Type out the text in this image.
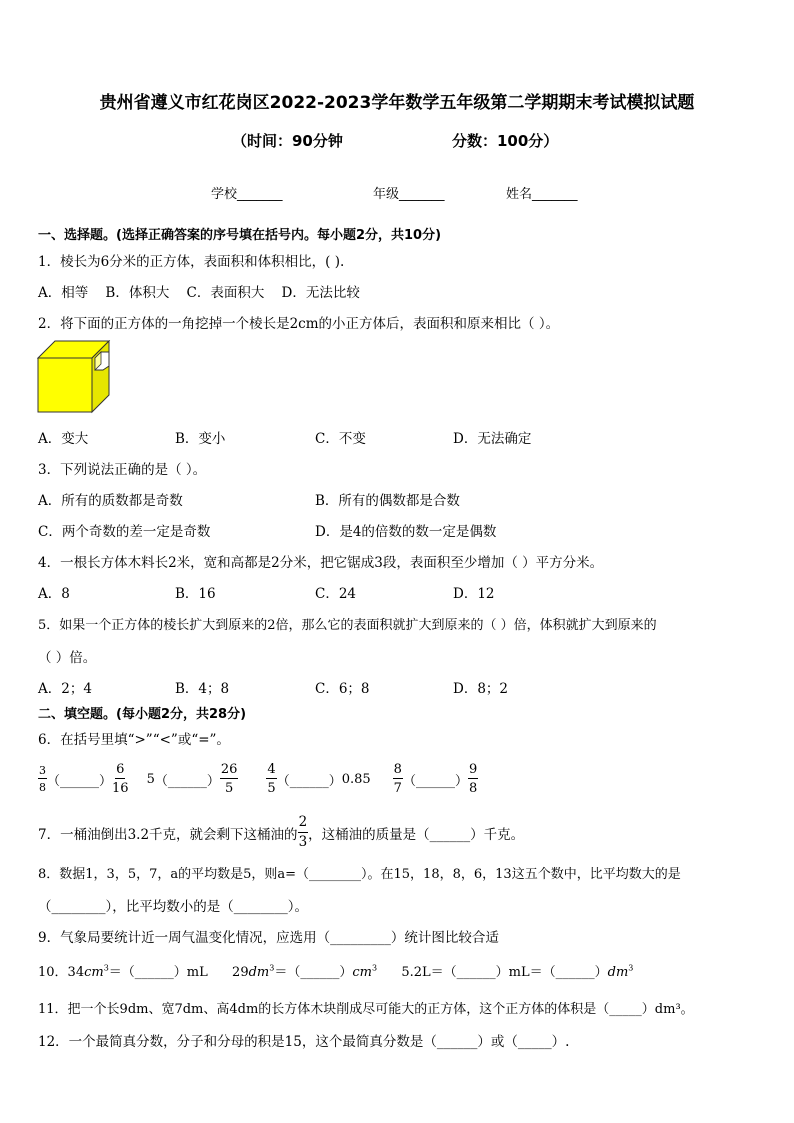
贵州省遵义市红花岗区2022-2023学年数学五年级第二学期期末考试模拟试题
（时间：90分钟	分数：100分）
学校_______	年级_______	姓名_______
一、选择题。(选择正确答案的序号填在括号内。每小题2分，共10分)
1．棱长为6分米的正方体，表面积和体积相比，( ).
A．相等    B．体积大    C．表面积大    D．无法比较
2．将下面的正方体的一角挖掉一个棱长是2cm的小正方体后，表面积和原来相比（ ）。
A．变大	B．变小	C．不变	D．无法确定
3．下列说法正确的是（ ）。
A．所有的质数都是奇数	B．所有的偶数都是合数
C．两个奇数的差一定是奇数	D．是4的倍数的数一定是偶数
4．一根长方体木料长2米，宽和高都是2分米，把它锯成3段，表面积至少增加（ ）平方分米。
A．8	B．16	C．24	D．12
5．如果一个正方体的棱长扩大到原来的2倍，那么它的表面积就扩大到原来的（ ）倍，体积就扩大到原来的
（ ）倍。
A．2；4	B．4；8	C．6；8	D．8；2
二、填空题。(每小题2分，共28分)
6．在括号里填“>”“<”或“=”。
$\frac{3}{8}$ （______） $\frac{6}{16} 5$ （______） $\frac{26}{5} \frac{4}{5}$ （______） $0.85 \frac{8}{7}$ （______） $\frac{9}{8}$
7．一桶油倒出3.2千克，就会剩下这桶油的 $\frac{2}{3}$ ，这桶油的质量是（______）千克。
8．数据1，3，5，7，a的平均数是5，则a=（________）。在15，18，8，6，13这五个数中，比平均数大的是
（________），比平均数小的是（________）。
9．气象局要统计近一周气温变化情况，应选用（_________）统计图比较合适
10．$34cm^3=(\_\_\_\_\_\_)mL$ $29dm^3=(\_\_\_\_\_\_)cm^3$ $5.2L=(\_\_\_\_\_\_)mL=(\_\_\_\_\_\_)dm^3$
11．把一个长9dm、宽7dm、高4dm的长方体木块削成尽可能大的正方体，这个正方体的体积是（_____）dm³。
12．一个最简真分数，分子和分母的积是15，这个最简真分数是（______）或（_____）.
